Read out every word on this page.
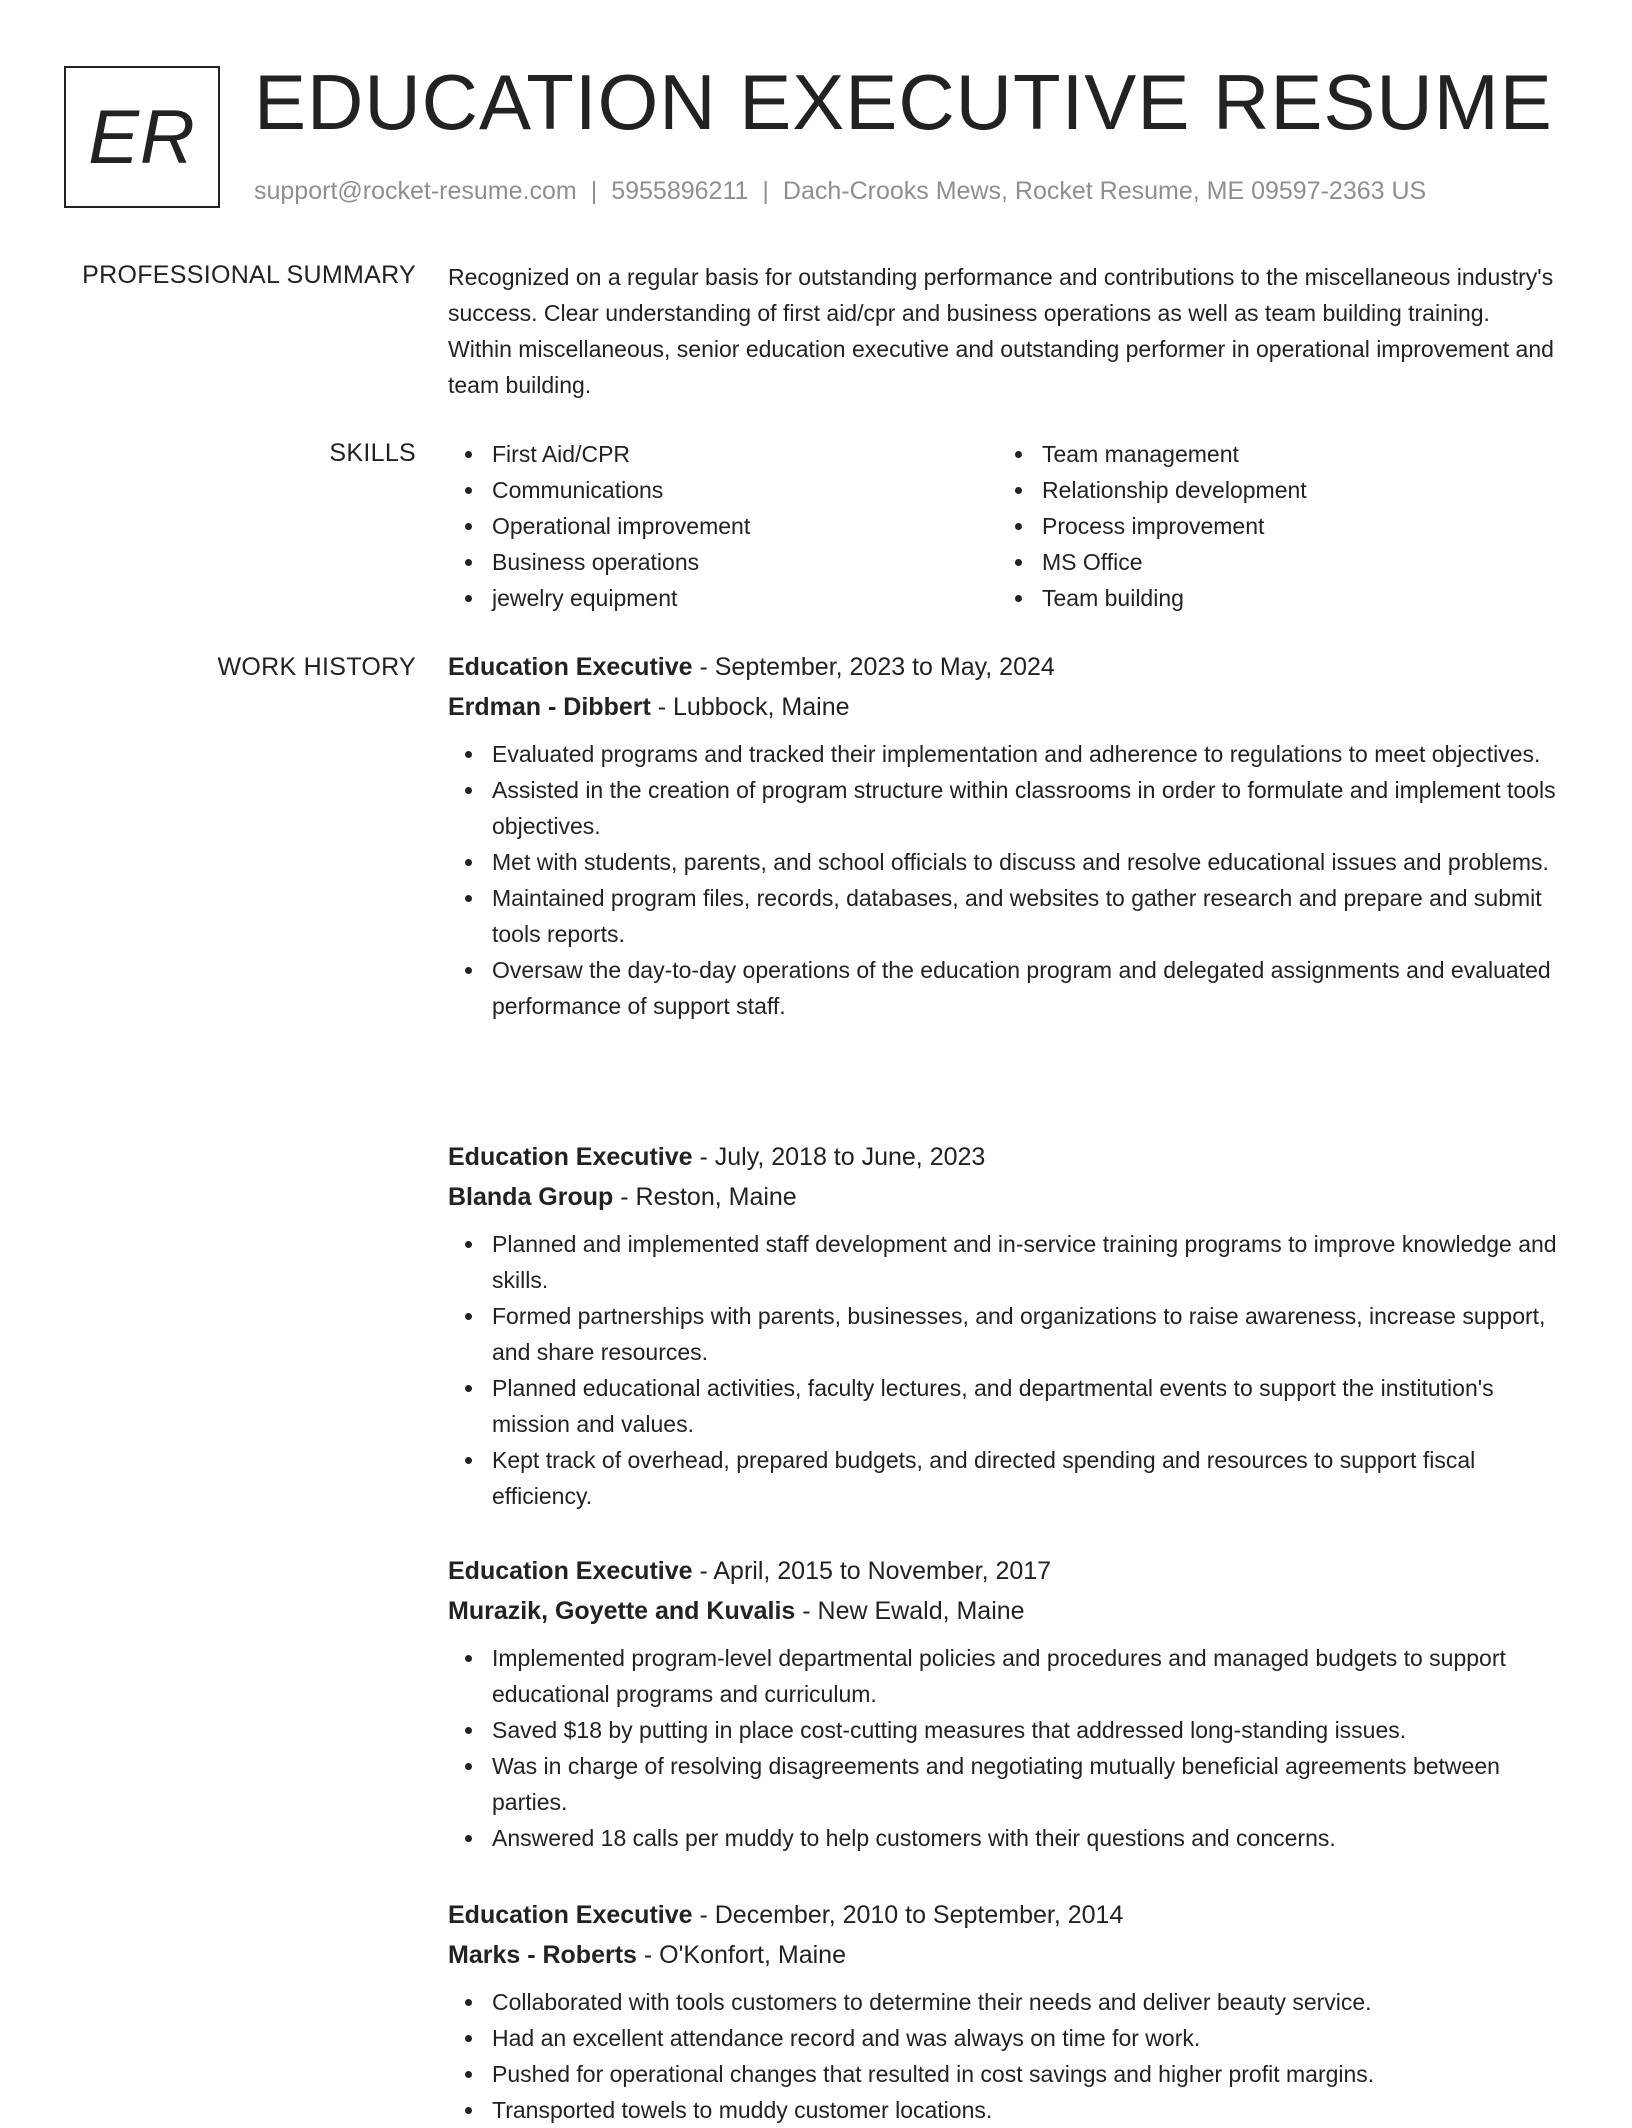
ER EDUCATION EXECUTIVE RESUME
support@rocket-resume.com | 5955896211 | Dach-Crooks Mews, Rocket Resume, ME 09597-2363 US
PROFESSIONAL SUMMARY Recognized on a regular basis for outstanding performance and contributions to the miscellaneous industry's success. Clear understanding of first aid/cpr and business operations as well as team building training. Within miscellaneous, senior education executive and outstanding performer in operational improvement and team building.

SKILLS	First Aid/CPR
Communications
Operational improvement
Business operations
jewelry equipment
Team management
Relationship development
Process improvement
MS Office
Team building
WORK HISTORY Education Executive - September, 2023 to May, 2024
Erdman - Dibbert - Lubbock, Maine
Evaluated programs and tracked their implementation and adherence to regulations to meet objectives.
Assisted in the creation of program structure within classrooms in order to formulate and implement tools objectives.
Met with students, parents, and school officials to discuss and resolve educational issues and problems.
Maintained program files, records, databases, and websites to gather research and prepare and submit tools reports.
Oversaw the day-to-day operations of the education program and delegated assignments and evaluated performance of support staff.
Education Executive - July, 2018 to June, 2023
Blanda Group - Reston, Maine
Planned and implemented staff development and in-service training programs to improve knowledge and skills.
Formed partnerships with parents, businesses, and organizations to raise awareness, increase support, and share resources.
Planned educational activities, faculty lectures, and departmental events to support the institution's mission and values.
Kept track of overhead, prepared budgets, and directed spending and resources to support fiscal efficiency.
Education Executive - April, 2015 to November, 2017
Murazik, Goyette and Kuvalis - New Ewald, Maine
Implemented program-level departmental policies and procedures and managed budgets to support educational programs and curriculum.
Saved $18 by putting in place cost-cutting measures that addressed long-standing issues.
Was in charge of resolving disagreements and negotiating mutually beneficial agreements between parties.
Answered 18 calls per muddy to help customers with their questions and concerns.
Education Executive - December, 2010 to September, 2014
Marks - Roberts - O'Konfort, Maine
Collaborated with tools customers to determine their needs and deliver beauty service.
Had an excellent attendance record and was always on time for work.
Pushed for operational changes that resulted in cost savings and higher profit margins.
Transported towels to muddy customer locations.
